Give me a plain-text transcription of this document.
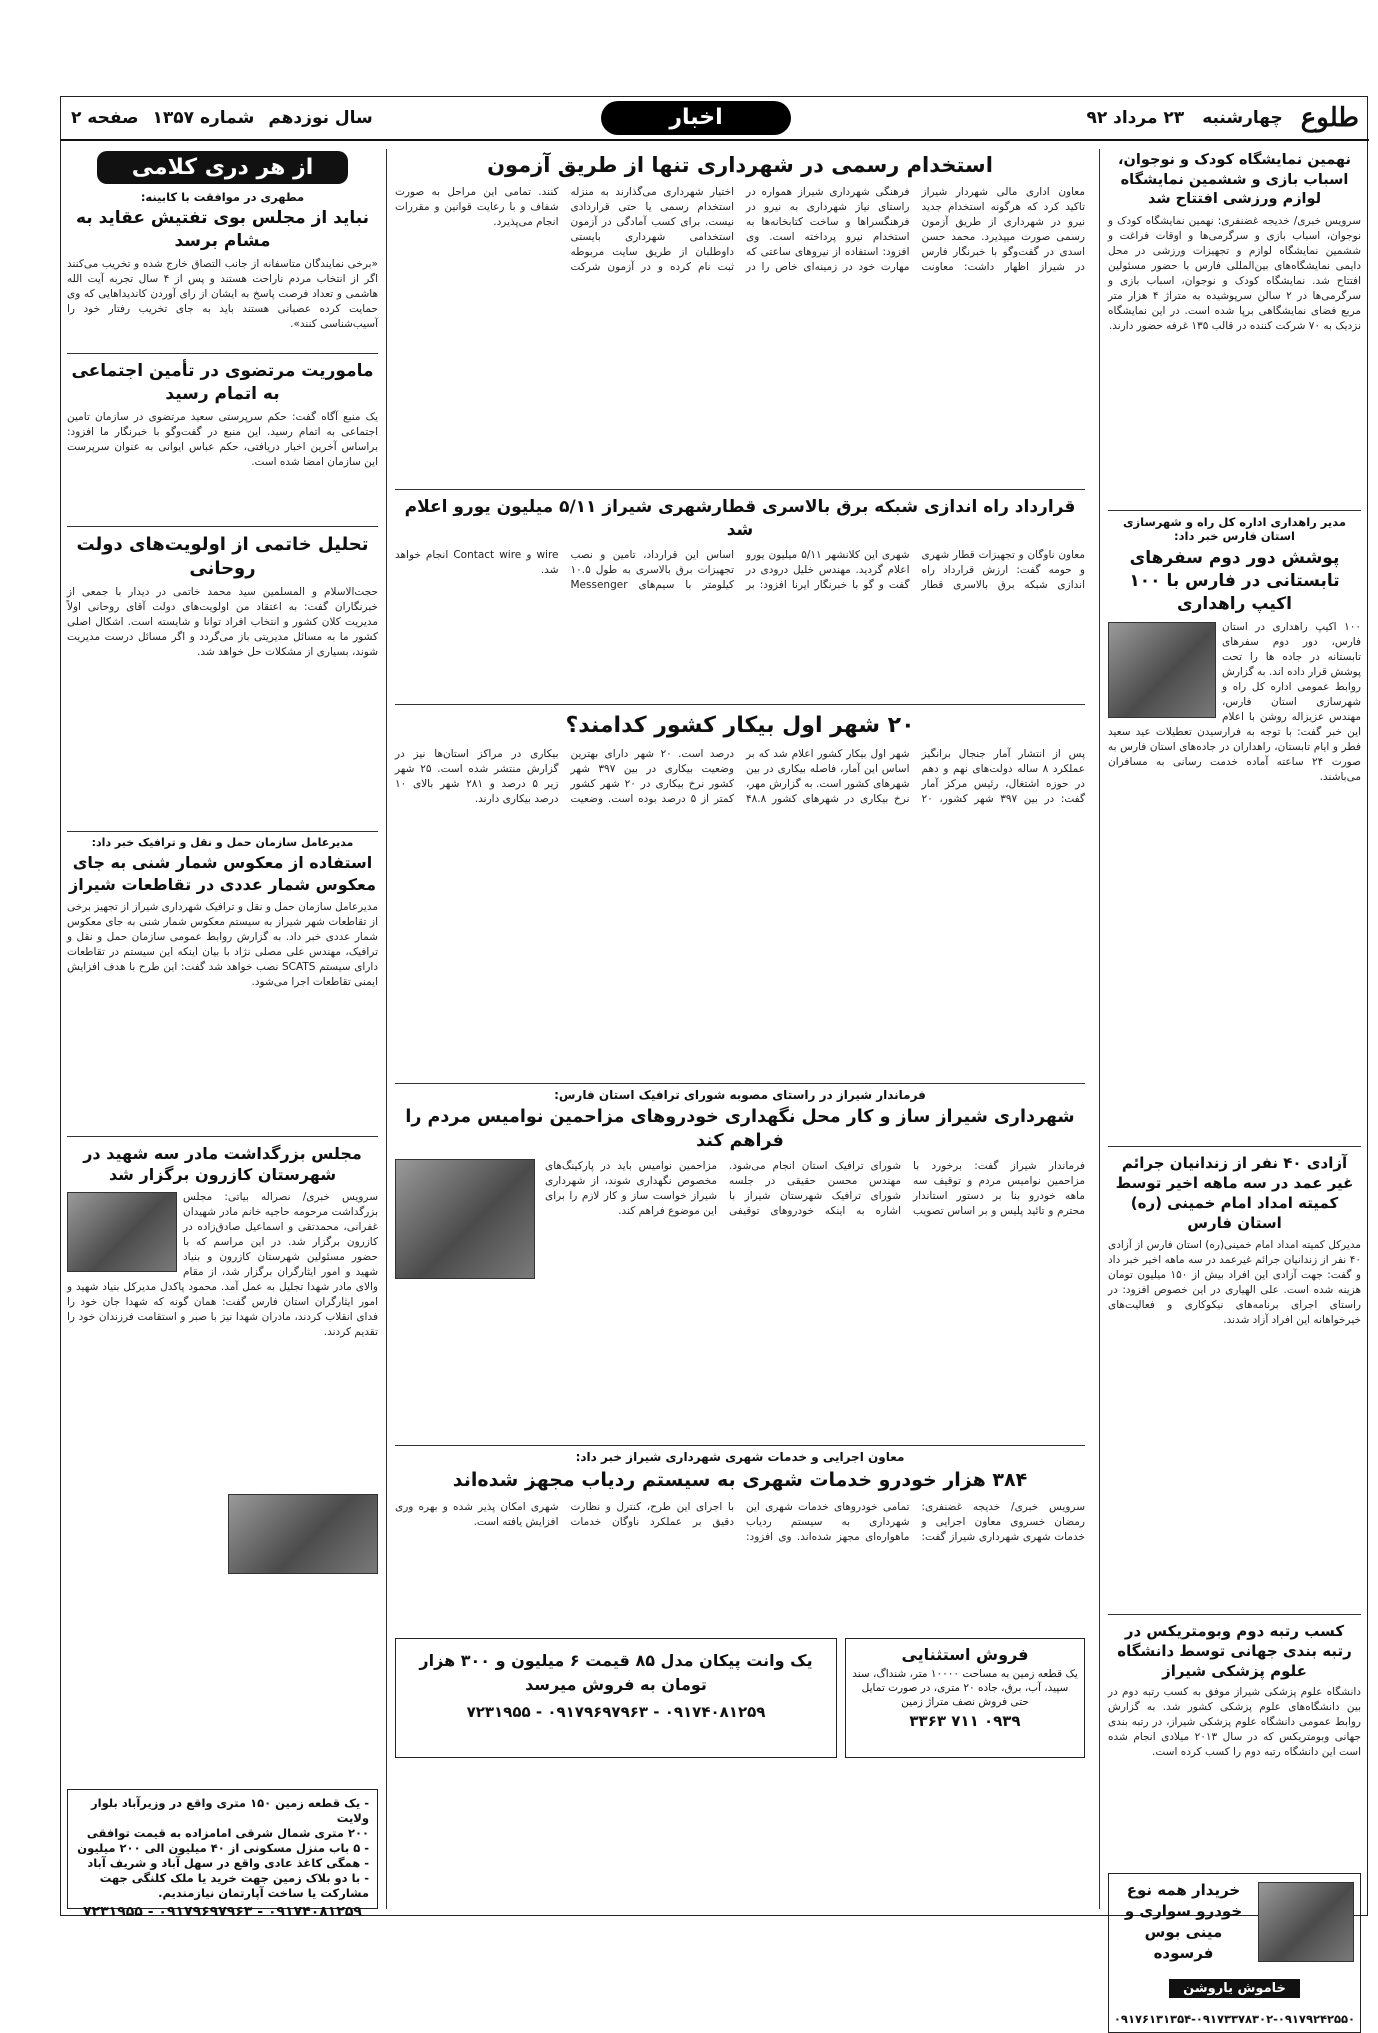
طلوع
چهارشنبه
۲۳ مرداد ۹۲
اخبار
سال نوزدهم
شماره ۱۳۵۷
صفحه ۲
نهمین نمایشگاه کودک و نوجوان، اسباب بازی و ششمین نمایشگاه لوازم ورزشی افتتاح شد

سرویس خبری/ خدیجه غضنفری: نهمین نمایشگاه کودک و نوجوان، اسباب بازی و سرگرمی‌ها و اوقات فراغت و ششمین نمایشگاه لوازم و تجهیزات ورزشی در محل دایمی نمایشگاه‌های بین‌المللی فارس با حضور مسئولین افتتاح شد. نمایشگاه کودک و نوجوان، اسباب بازی و سرگرمی‌ها در ۲ سالن سرپوشیده به متراژ ۴ هزار متر مربع فضای نمایشگاهی برپا شده است. در این نمایشگاه نزدیک به ۷۰ شرکت کننده در قالب ۱۳۵ غرفه حضور دارند.

مدیر راهداری اداره کل راه و شهرسازی استان فارس خبر داد:
پوشش دور دوم سفرهای تابستانی در فارس با ۱۰۰ اکیپ راهداری

۱۰۰ اکیپ راهداری در استان فارس، دور دوم سفرهای تابستانه در جاده ها را تحت پوشش قرار داده اند. به گزارش روابط عمومی اداره کل راه و شهرسازی استان فارس، مهندس عزیزاله روشن با اعلام این خبر گفت: با توجه به فرارسیدن تعطیلات عید سعید فطر و ایام تابستان، راهداران در جاده‌های استان فارس به صورت ۲۴ ساعته آماده خدمت رسانی به مسافران می‌باشند.

آزادی ۴۰ نفر از زندانیان جرائم غیر عمد در سه ماهه اخیر توسط کمیته امداد امام خمینی (ره) استان فارس

مدیرکل کمیته امداد امام خمینی(ره) استان فارس از آزادی ۴۰ نفر از زندانیان جرائم غیرعمد در سه ماهه اخیر خبر داد و گفت: جهت آزادی این افراد بیش از ۱۵۰ میلیون تومان هزینه شده است. علی الهیاری در این خصوص افزود: در راستای اجرای برنامه‌های نیکوکاری و فعالیت‌های خیرخواهانه این افراد آزاد شدند.

کسب رتبه دوم وبومتریکس در رتبه بندی جهانی توسط دانشگاه علوم پزشکی شیراز

دانشگاه علوم پزشکی شیراز موفق به کسب رتبه دوم در بین دانشگاه‌های علوم پزشکی کشور شد. به گزارش روابط عمومی دانشگاه علوم پزشکی شیراز، در رتبه بندی جهانی وبومتریکس که در سال ۲۰۱۳ میلادی انجام شده است این دانشگاه رتبه دوم را کسب کرده است.

خریدار همه نوع خودرو سواری و مینی بوس فرسوده
خاموش یاروشن
۰۹۱۷۶۱۳۱۳۵۴-۰۹۱۷۳۳۷۸۳۰۲-۰۹۱۷۹۲۴۲۵۵۰
استخدام رسمی در شهرداری تنها از طریق آزمون

معاون اداری مالی شهردار شیراز تاکید کرد که هرگونه استخدام جدید نیرو در شهرداری از طریق آزمون رسمی صورت میپذیرد. محمد حسن اسدی در گفت‌وگو با خبرنگار فارس در شیراز اظهار داشت: معاونت فرهنگی شهرداری شیراز همواره در راستای نیاز شهرداری به نیرو در فرهنگسراها و ساخت کتابخانه‌ها به استخدام نیرو پرداخته است. وی افزود: استفاده از نیروهای ساعتی که مهارت خود در زمینه‌ای خاص را در اختیار شهرداری می‌گذارند به منزله استخدام رسمی یا حتی قراردادی نیست. برای کسب آمادگی در آزمون استخدامی شهرداری بایستی داوطلبان از طریق سایت مربوطه ثبت نام کرده و در آزمون شرکت کنند. تمامی این مراحل به صورت شفاف و با رعایت قوانین و مقررات انجام می‌پذیرد.

قرارداد راه اندازی شبکه برق بالاسری قطارشهری شیراز ۵/۱۱ میلیون یورو اعلام شد

معاون ناوگان و تجهیزات قطار شهری و حومه گفت: ارزش قرارداد راه اندازی شبکه برق بالاسری قطار شهری این کلانشهر ۵/۱۱ میلیون یورو اعلام گردید. مهندس خلیل درودی در گفت و گو با خبرنگار ایرنا افزود: بر اساس این قرارداد، تامین و نصب تجهیزات برق بالاسری به طول ۱۰.۵ کیلومتر با سیم‌های Messenger wire و Contact wire انجام خواهد شد.

۲۰ شهر اول بیکار کشور کدامند؟

پس از انتشار آمار جنجال برانگیز عملکرد ۸ ساله دولت‌های نهم و دهم در حوزه اشتغال، رئیس مرکز آمار گفت: در بین ۳۹۷ شهر کشور، ۲۰ شهر اول بیکار کشور اعلام شد که بر اساس این آمار، فاصله بیکاری در بین شهرهای کشور است. به گزارش مهر، نرخ بیکاری در شهرهای کشور ۴۸.۸ درصد است. ۲۰ شهر دارای بهترین وضعیت بیکاری در بین ۳۹۷ شهر کشور نرخ بیکاری در ۲۰ شهر کشور کمتر از ۵ درصد بوده است. وضعیت بیکاری در مراکز استان‌ها نیز در گزارش منتشر شده است. ۲۵ شهر زیر ۵ درصد و ۲۸۱ شهر بالای ۱۰ درصد بیکاری دارند.

فرماندار شیراز در راستای مصوبه شورای ترافیک استان فارس:
شهرداری شیراز ساز و کار محل نگهداری خودروهای مزاحمین نوامیس مردم را فراهم کند

فرماندار شیراز گفت: برخورد با مزاحمین نوامیس مردم و توقیف سه ماهه خودرو بنا بر دستور استاندار محترم و تائید پلیس و بر اساس تصویب شورای ترافیک استان انجام می‌شود. مهندس محسن حقیقی در جلسه شورای ترافیک شهرستان شیراز با اشاره به اینکه خودروهای توقیفی مزاحمین نوامیس باید در پارکینگ‌های مخصوص نگهداری شوند، از شهرداری شیراز خواست ساز و کار لازم را برای این موضوع فراهم کند.

معاون اجرایی و خدمات شهری شهرداری شیراز خبر داد:
۳۸۴ هزار خودرو خدمات شهری به سیستم ردیاب مجهز شده‌اند

سرویس خبری/ خدیجه غضنفری: رمضان خسروی معاون اجرایی و خدمات شهری شهرداری شیراز گفت: تمامی خودروهای خدمات شهری این شهرداری به سیستم ردیاب ماهواره‌ای مجهز شده‌اند. وی افزود: با اجرای این طرح، کنترل و نظارت دقیق بر عملکرد ناوگان خدمات شهری امکان پذیر شده و بهره وری افزایش یافته است.

فروش استثنایی
یک قطعه زمین به مساحت ۱۰۰۰۰ متر، شنداگ، سند سپید، آب، برق، جاده ۲۰ متری، در صورت تمایل حتی فروش نصف متراژ زمین
۰۹۳۹ ۷۱۱ ۳۳۶۳
یک وانت پیکان مدل ۸۵ قیمت ۶ میلیون و ۳۰۰ هزار تومان به فروش میرسد
۰۹۱۷۴۰۸۱۲۵۹ - ۰۹۱۷۹۶۹۷۹۶۳ - ۷۲۳۱۹۵۵
از هر دری کلامی
مطهری در موافقت با کابینه:
نباید از مجلس بوی تفتیش عقاید به مشام برسد

«برخی نمایندگان متاسفانه از جانب التصاق خارج شده و تخریب می‌کنند اگر از انتخاب مردم ناراحت هستند و پس از ۴ سال تجربه آیت الله هاشمی و تعداد فرصت پاسخ به ایشان از رای آوردن کاندیداهایی که وی حمایت کرده عصبانی هستند باید به جای تخریب رفتار خود را آسیب‌شناسی کنند».

ماموریت مرتضوی در تأمین اجتماعی به اتمام رسید

یک منبع آگاه گفت: حکم سرپرستی سعید مرتضوی در سازمان تامین اجتماعی به اتمام رسید. این منبع در گفت‌وگو با خبرنگار ما افزود: براساس آخرین اخبار دریافتی، حکم عباس ایوانی به عنوان سرپرست این سازمان امضا شده است.

تحلیل خاتمی از اولویت‌های دولت روحانی

حجت‌الاسلام و المسلمین سید محمد خاتمی در دیدار با جمعی از خبرنگاران گفت: به اعتقاد من اولویت‌های دولت آقای روحانی اولاً مدیریت کلان کشور و انتخاب افراد توانا و شایسته است. اشکال اصلی کشور ما به مسائل مدیریتی باز می‌گردد و اگر مسائل درست مدیریت شوند، بسیاری از مشکلات حل خواهد شد.

مدیرعامل سازمان حمل و نقل و ترافیک خبر داد:
استفاده از معکوس شمار شنی به جای معکوس شمار عددی در تقاطعات شیراز

مدیرعامل سازمان حمل و نقل و ترافیک شهرداری شیراز از تجهیز برخی از تقاطعات شهر شیراز به سیستم معکوس شمار شنی به جای معکوس شمار عددی خبر داد. به گزارش روابط عمومی سازمان حمل و نقل و ترافیک، مهندس علی مصلی نژاد با بیان اینکه این سیستم در تقاطعات دارای سیستم SCATS نصب خواهد شد گفت: این طرح با هدف افزایش ایمنی تقاطعات اجرا می‌شود.

مجلس بزرگداشت مادر سه شهید در شهرستان کازرون برگزار شد

سرویس خبری/ نصراله بیاتی: مجلس بزرگداشت مرحومه حاجیه خانم مادر شهیدان غفرانی، محمدتقی و اسماعیل صادق‌زاده در کازرون برگزار شد. در این مراسم که با حضور مسئولین شهرستان کازرون و بنیاد شهید و امور ایثارگران برگزار شد، از مقام والای مادر شهدا تجلیل به عمل آمد. محمود پاکدل مدیرکل بنیاد شهید و امور ایثارگران استان فارس گفت: همان گونه که شهدا جان خود را فدای انقلاب کردند، مادران شهدا نیز با صبر و استقامت فرزندان خود را تقدیم کردند.

- یک قطعه زمین ۱۵۰ متری واقع در وزیرآباد بلوار ولایت
۲۰۰ متری شمال شرقی امامزاده به قیمت توافقی
- ۵ باب منزل مسکونی از ۴۰ میلیون الی ۲۰۰ میلیون
- همگی کاغذ عادی واقع در سهل آباد و شریف آباد
- با دو بلاک زمین جهت خرید یا ملک کلنگی جهت
مشارکت یا ساخت آپارتمان نیازمندیم.
۰۹۱۷۴۰۸۱۲۵۹ - ۰۹۱۷۹۶۹۷۹۶۳ - ۷۲۳۱۹۵۵
